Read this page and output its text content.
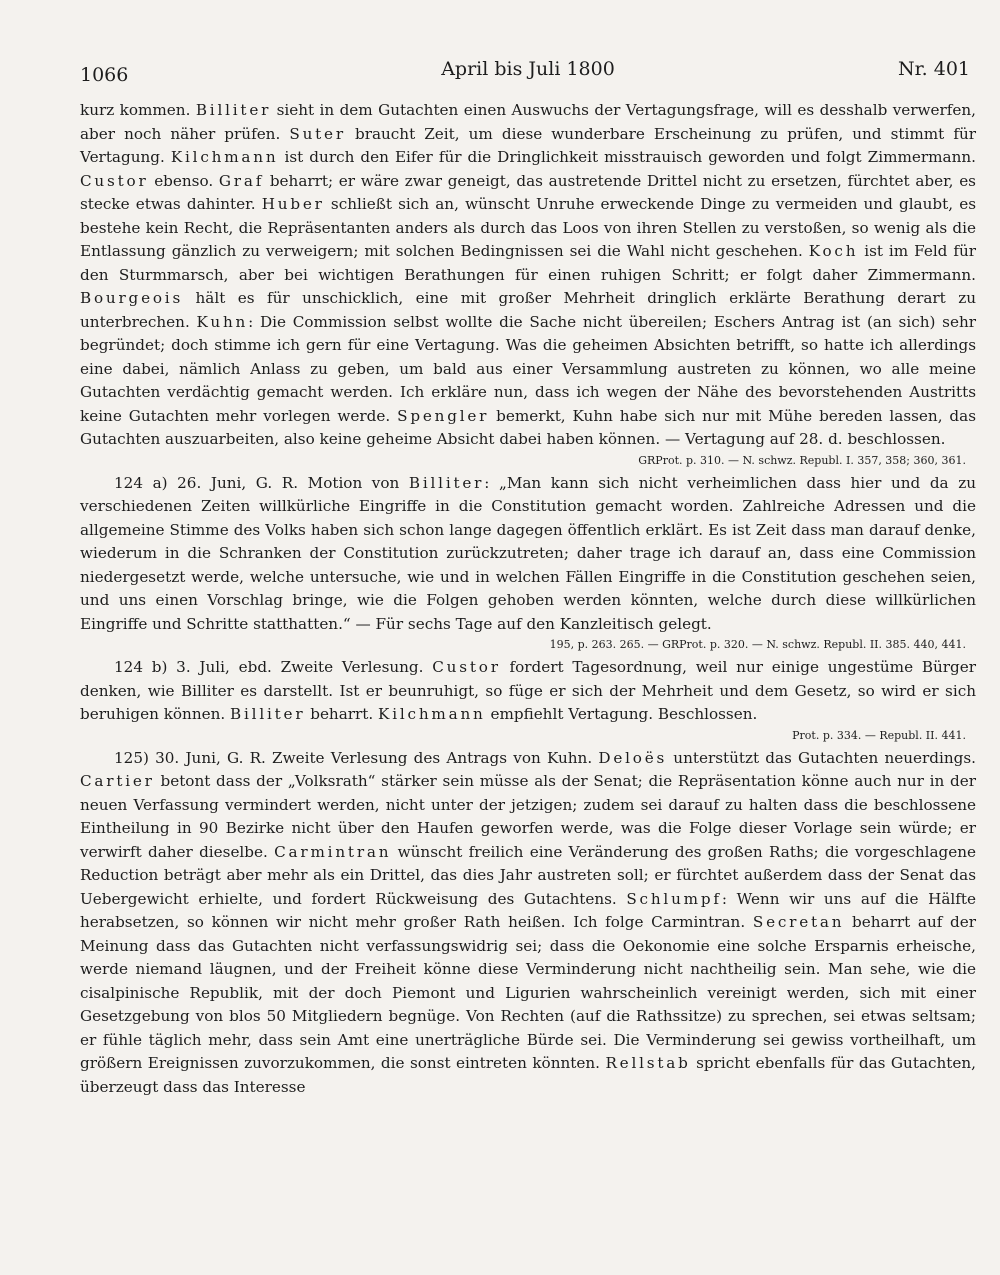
1066	April bis Juli 1800	Nr. 401

kurz kommen. Billiter sieht in dem Gutachten einen Auswuchs der Vertagungsfrage, will es desshalb verwerfen, aber noch näher prüfen. Suter braucht Zeit, um diese wunderbare Erscheinung zu prüfen, und stimmt für Vertagung. Kilchmann ist durch den Eifer für die Dringlichkeit misstrauisch geworden und folgt Zimmermann. Custor ebenso. Graf beharrt; er wäre zwar geneigt, das austretende Drittel nicht zu ersetzen, fürchtet aber, es stecke etwas dahinter. Huber schließt sich an, wünscht Unruhe erweckende Dinge zu vermeiden und glaubt, es bestehe kein Recht, die Repräsentanten anders als durch das Loos von ihren Stellen zu verstoßen, so wenig als die Entlassung gänzlich zu verweigern; mit solchen Bedingnissen sei die Wahl nicht geschehen. Koch ist im Feld für den Sturmmarsch, aber bei wichtigen Berathungen für einen ruhigen Schritt; er folgt daher Zimmermann. Bourgeois hält es für unschicklich, eine mit großer Mehrheit dringlich erklärte Berathung derart zu unterbrechen. Kuhn: Die Commission selbst wollte die Sache nicht übereilen; Eschers Antrag ist (an sich) sehr begründet; doch stimme ich gern für eine Vertagung. Was die geheimen Absichten betrifft, so hatte ich allerdings eine dabei, nämlich Anlass zu geben, um bald aus einer Versammlung austreten zu können, wo alle meine Gutachten verdächtig gemacht werden. Ich erkläre nun, dass ich wegen der Nähe des bevorstehenden Austritts keine Gutachten mehr vorlegen werde. Spengler bemerkt, Kuhn habe sich nur mit Mühe bereden lassen, das Gutachten auszuarbeiten, also keine geheime Absicht dabei haben können. — Vertagung auf 28. d. beschlossen.

GRProt. p. 310. — N. schwz. Republ. I. 357, 358; 360, 361.

124 a) 26. Juni, G. R. Motion von Billiter: „Man kann sich nicht verheimlichen dass hier und da zu verschiedenen Zeiten willkürliche Eingriffe in die Constitution gemacht worden. Zahlreiche Adressen und die allgemeine Stimme des Volks haben sich schon lange dagegen öffentlich erklärt. Es ist Zeit dass man darauf denke, wiederum in die Schranken der Constitution zurückzutreten; daher trage ich darauf an, dass eine Commission niedergesetzt werde, welche untersuche, wie und in welchen Fällen Eingriffe in die Constitution geschehen seien, und uns einen Vorschlag bringe, wie die Folgen gehoben werden könnten, welche durch diese willkürlichen Eingriffe und Schritte statthatten.“ — Für sechs Tage auf den Kanzleitisch gelegt.

195, p. 263. 265. — GRProt. p. 320. — N. schwz. Republ. II. 385. 440, 441.

124 b) 3. Juli, ebd. Zweite Verlesung. Custor fordert Tagesordnung, weil nur einige ungestüme Bürger denken, wie Billiter es darstellt. Ist er beunruhigt, so füge er sich der Mehrheit und dem Gesetz, so wird er sich beruhigen können. Billiter beharrt. Kilchmann empfiehlt Vertagung. Beschlossen.

Prot. p. 334. — Republ. II. 441.

125) 30. Juni, G. R. Zweite Verlesung des Antrags von Kuhn. Deloës unterstützt das Gutachten neuerdings. Cartier betont dass der „Volksrath“ stärker sein müsse als der Senat; die Repräsentation könne auch nur in der neuen Verfassung vermindert werden, nicht unter der jetzigen; zudem sei darauf zu halten dass die beschlossene Eintheilung in 90 Bezirke nicht über den Haufen geworfen werde, was die Folge dieser Vorlage sein würde; er verwirft daher dieselbe. Carmintran wünscht freilich eine Veränderung des großen Raths; die vorgeschlagene Reduction beträgt aber mehr als ein Drittel, das dies Jahr austreten soll; er fürchtet außerdem dass der Senat das Uebergewicht erhielte, und fordert Rückweisung des Gutachtens. Schlumpf: Wenn wir uns auf die Hälfte herabsetzen, so können wir nicht mehr großer Rath heißen. Ich folge Carmintran. Secretan beharrt auf der Meinung dass das Gutachten nicht verfassungswidrig sei; dass die Oekonomie eine solche Ersparnis erheische, werde niemand läugnen, und der Freiheit könne diese Verminderung nicht nachtheilig sein. Man sehe, wie die cisalpinische Republik, mit der doch Piemont und Ligurien wahrscheinlich vereinigt werden, sich mit einer Gesetzgebung von blos 50 Mitgliedern begnüge. Von Rechten (auf die Rathssitze) zu sprechen, sei etwas seltsam; er fühle täglich mehr, dass sein Amt eine unerträgliche Bürde sei. Die Verminderung sei gewiss vortheilhaft, um größern Ereignissen zuvorzukommen, die sonst eintreten könnten. Rellstab spricht ebenfalls für das Gutachten, überzeugt dass das Interesse
